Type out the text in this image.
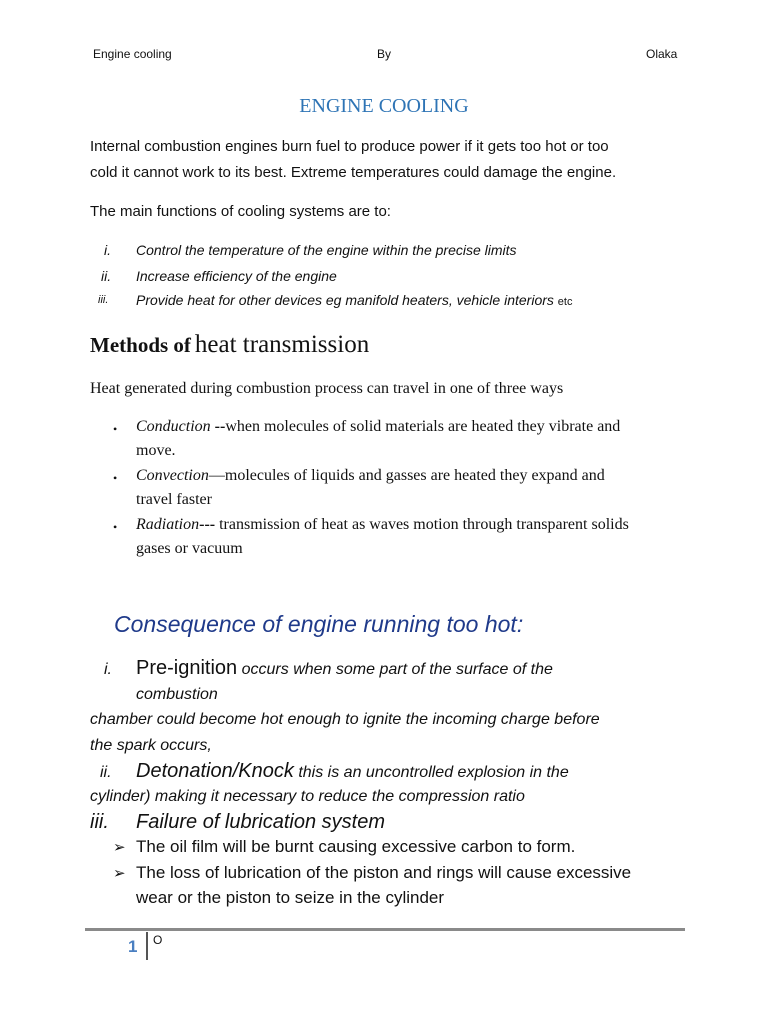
Engine cooling	By	Olaka
ENGINE COOLING
Internal combustion engines burn fuel to produce power if it gets too hot or too
cold it cannot work to its best. Extreme temperatures could damage the engine.
The main functions of cooling systems are to:
i. Control the temperature of the engine within the precise limits
ii. Increase efficiency of the engine
iii. Provide heat for other devices eg manifold heaters, vehicle interiors etc
Methods of heat transmission
Heat generated during combustion process can travel in one of three ways
• Conduction --when molecules of solid materials are heated they vibrate and
move.
• Convection—molecules of liquids and gasses are heated they expand and
travel faster
• Radiation--- transmission of heat as waves motion through transparent solids
gases or vacuum
Consequence of engine running too hot:
i. Pre-ignition occurs when some part of the surface of the
combustion
chamber could become hot enough to ignite the incoming charge before
the spark occurs,
ii. Detonation/Knock this is an uncontrolled explosion in the
cylinder) making it necessary to reduce the compression ratio
iii. Failure of lubrication system
➢ The oil film will be burnt causing excessive carbon to form.
➢ The loss of lubrication of the piston and rings will cause excessive
wear or the piston to seize in the cylinder
1 O
